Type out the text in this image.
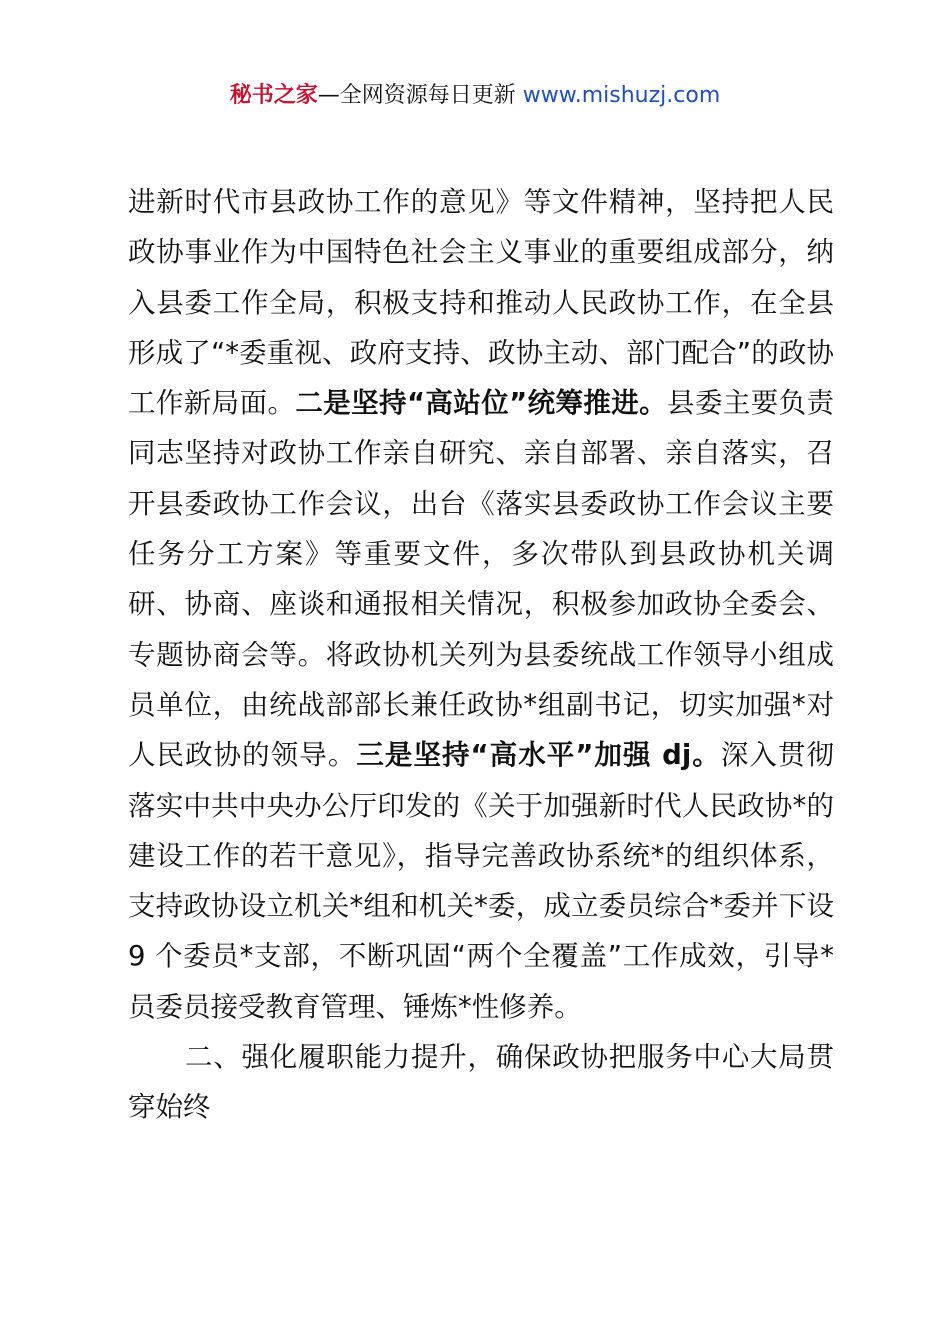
秘书之家—全网资源每日更新 www.mishuzj.com

进新时代市县政协工作的意见》等文件精神，坚持把人民政协事业作为中国特色社会主义事业的重要组成部分，纳入县委工作全局，积极支持和推动人民政协工作，在全县形成了“*委重视、政府支持、政协主动、部门配合”的政协工作新局面。二是坚持“高站位”统筹推进。县委主要负责同志坚持对政协工作亲自研究、亲自部署、亲自落实，召开县委政协工作会议，出台《落实县委政协工作会议主要任务分工方案》等重要文件，多次带队到县政协机关调研、协商、座谈和通报相关情况，积极参加政协全委会、专题协商会等。将政协机关列为县委统战工作领导小组成员单位，由统战部部长兼任政协*组副书记，切实加强*对人民政协的领导。三是坚持“高水平”加强 dj。深入贯彻落实中共中央办公厅印发的《关于加强新时代人民政协*的建设工作的若干意见》，指导完善政协系统*的组织体系，支持政协设立机关*组和机关*委，成立委员综合*委并下设 9 个委员*支部，不断巩固“两个全覆盖”工作成效，引导*员委员接受教育管理、锤炼*性修养。

二、强化履职能力提升，确保政协把服务中心大局贯穿始终
